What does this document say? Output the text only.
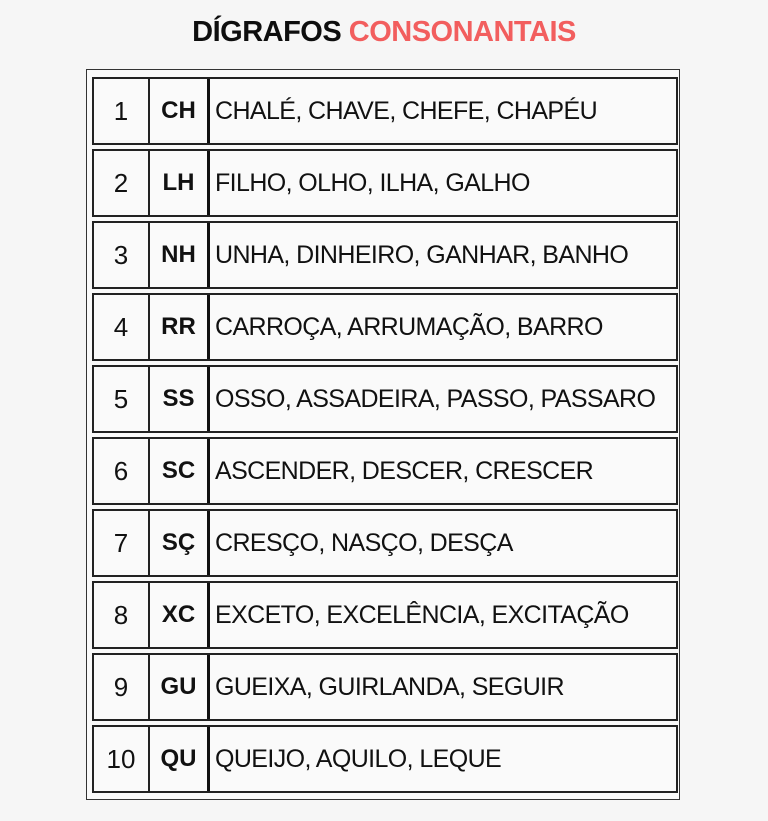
DÍGRAFOS CONSONANTAIS
1	CH CHALÉ, CHAVE, CHEFE, CHAPÉU
2	LH FILHO, OLHO, ILHA, GALHO
3	NH UNHA, DINHEIRO, GANHAR, BANHO
4	RR CARROÇA, ARRUMAÇÃO, BARRO
5	SS OSSO, ASSADEIRA, PASSO, PASSARO
6	SC ASCENDER, DESCER, CRESCER
7	SÇ CRESÇO, NASÇO, DESÇA
8	XC EXCETO, EXCELÊNCIA, EXCITAÇÃO
9	GU GUEIXA, GUIRLANDA, SEGUIR
10	QU QUEIJO, AQUILO, LEQUE
